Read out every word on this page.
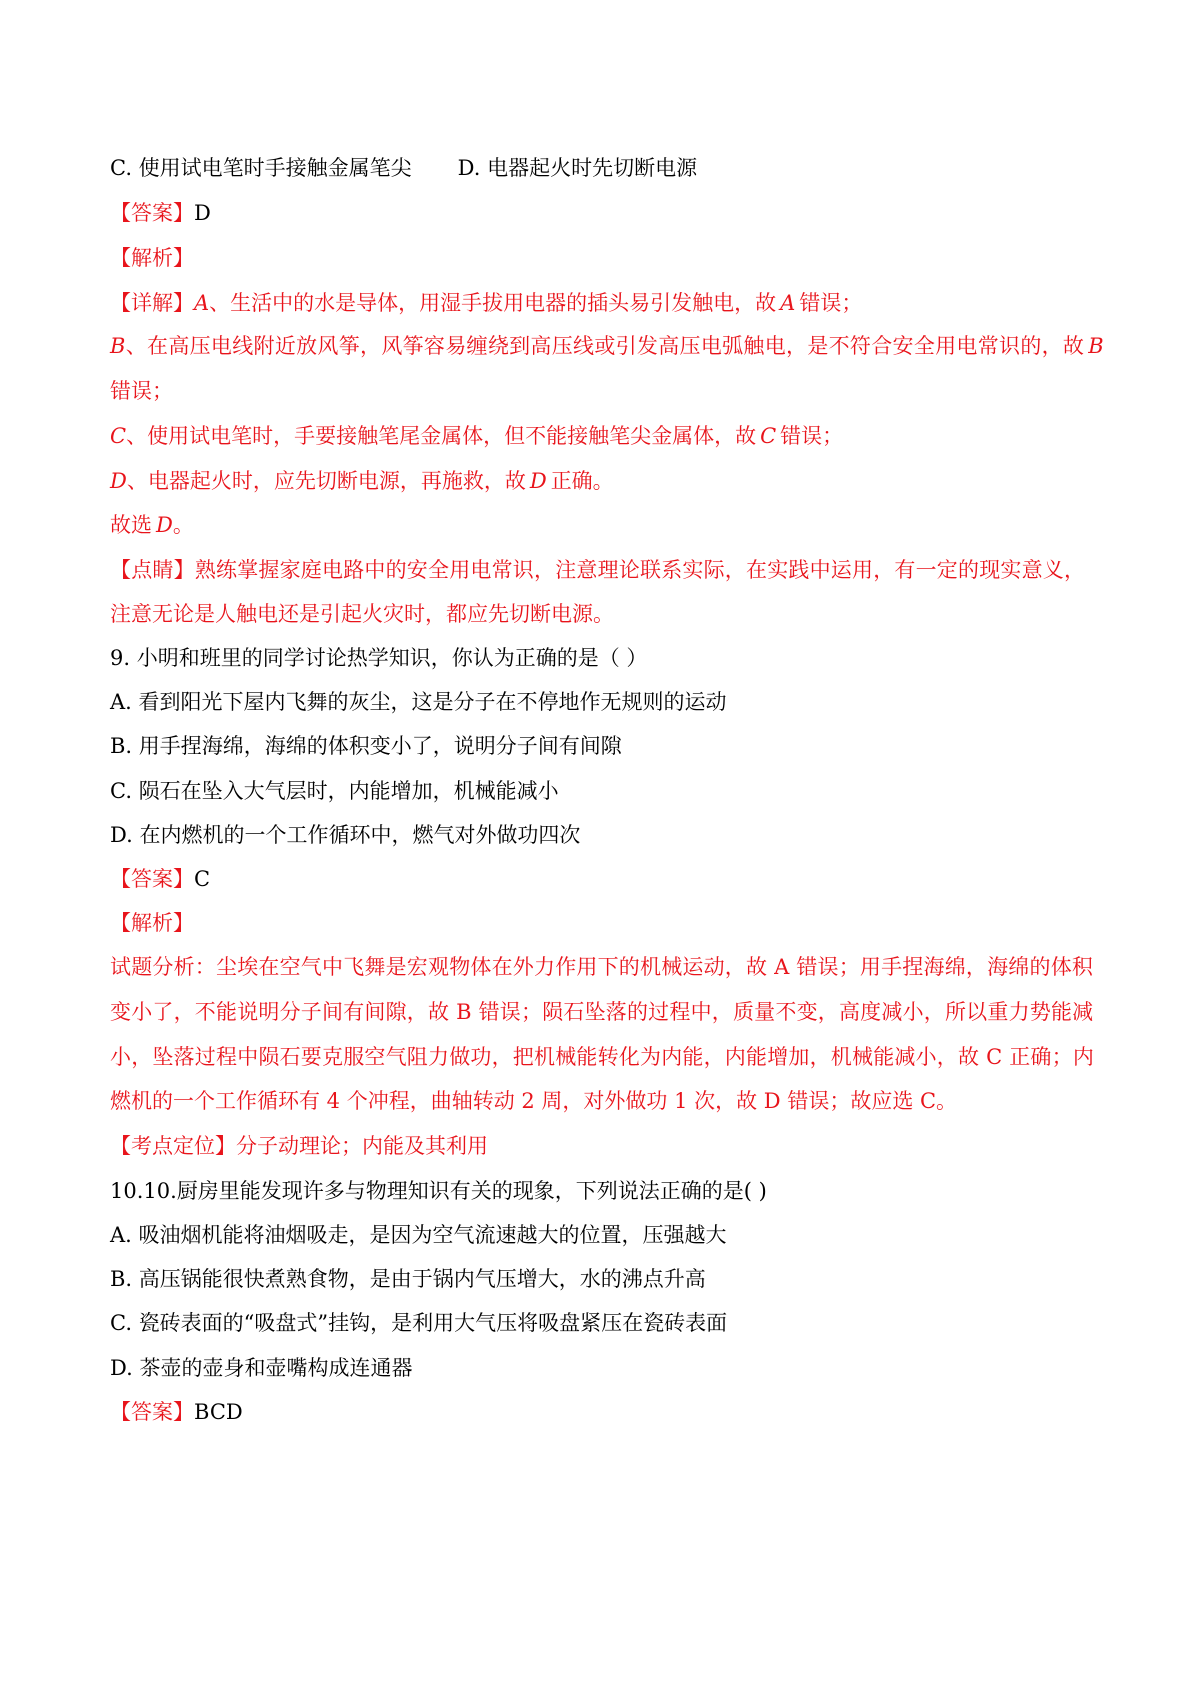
C. 使用试电笔时手接触金属笔尖 D. 电器起火时先切断电源
【答案】D
【解析】
【详解】A、生活中的水是导体，用湿手拔用电器的插头易引发触电，故 A 错误；
B、在高压电线附近放风筝，风筝容易缠绕到高压线或引发高压电弧触电，是不符合安全用电常识的，故 B
错误；
C、使用试电笔时，手要接触笔尾金属体，但不能接触笔尖金属体，故 C 错误；
D、电器起火时，应先切断电源，再施救，故 D 正确。
故选 D。
【点睛】熟练掌握家庭电路中的安全用电常识，注意理论联系实际，在实践中运用，有一定的现实意义，
注意无论是人触电还是引起火灾时，都应先切断电源。
9. 小明和班里的同学讨论热学知识，你认为正确的是（ ）
A. 看到阳光下屋内飞舞的灰尘，这是分子在不停地作无规则的运动
B. 用手捏海绵，海绵的体积变小了，说明分子间有间隙
C. 陨石在坠入大气层时，内能增加，机械能减小
D. 在内燃机的一个工作循环中，燃气对外做功四次
【答案】C
【解析】
试题分析：尘埃在空气中飞舞是宏观物体在外力作用下的机械运动，故 A 错误；用手捏海绵，海绵的体积
变小了，不能说明分子间有间隙，故 B 错误；陨石坠落的过程中，质量不变，高度减小，所以重力势能减
小，坠落过程中陨石要克服空气阻力做功，把机械能转化为内能，内能增加，机械能减小，故 C 正确；内
燃机的一个工作循环有 4 个冲程，曲轴转动 2 周，对外做功 1 次，故 D 错误；故应选 C。
【考点定位】分子动理论；内能及其利用
10.10.厨房里能发现许多与物理知识有关的现象，下列说法正确的是( )
A. 吸油烟机能将油烟吸走，是因为空气流速越大的位置，压强越大
B. 高压锅能很快煮熟食物，是由于锅内气压增大，水的沸点升高
C. 瓷砖表面的“吸盘式”挂钩，是利用大气压将吸盘紧压在瓷砖表面
D. 茶壶的壶身和壶嘴构成连通器
【答案】BCD
